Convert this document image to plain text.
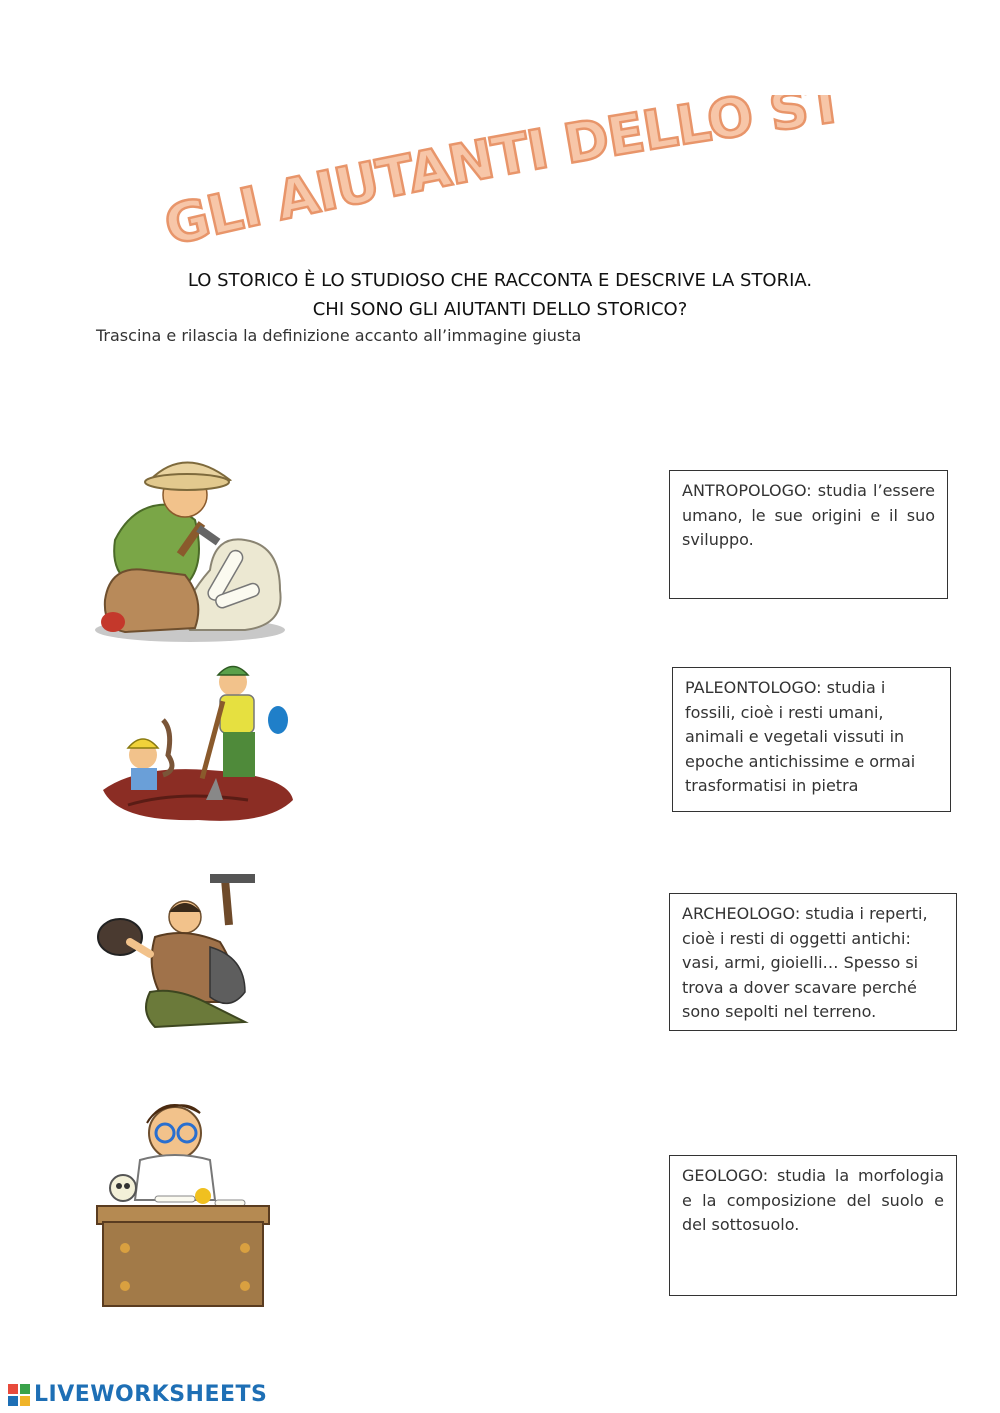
GLI AIUTANTI DELLO ST
LO STORICO È LO STUDIOSO CHE RACCONTA E DESCRIVE LA STORIA.
CHI SONO GLI AIUTANTI DELLO STORICO?
Trascina e rilascia la definizione accanto all’immagine giusta
ANTROPOLOGO: studia l’essere umano, le sue origini e il suo sviluppo.
PALEONTOLOGO: studia i fossili, cioè i resti umani, animali e vegetali vissuti in epoche antichissime e ormai trasformatisi in pietra
ARCHEOLOGO: studia i reperti, cioè i resti di oggetti antichi: vasi, armi, gioielli… Spesso si trova a dover scavare perché sono sepolti nel terreno.
GEOLOGO: studia la morfologia e la composizione del suolo e del sottosuolo.
LIVEWORKSHEETS
